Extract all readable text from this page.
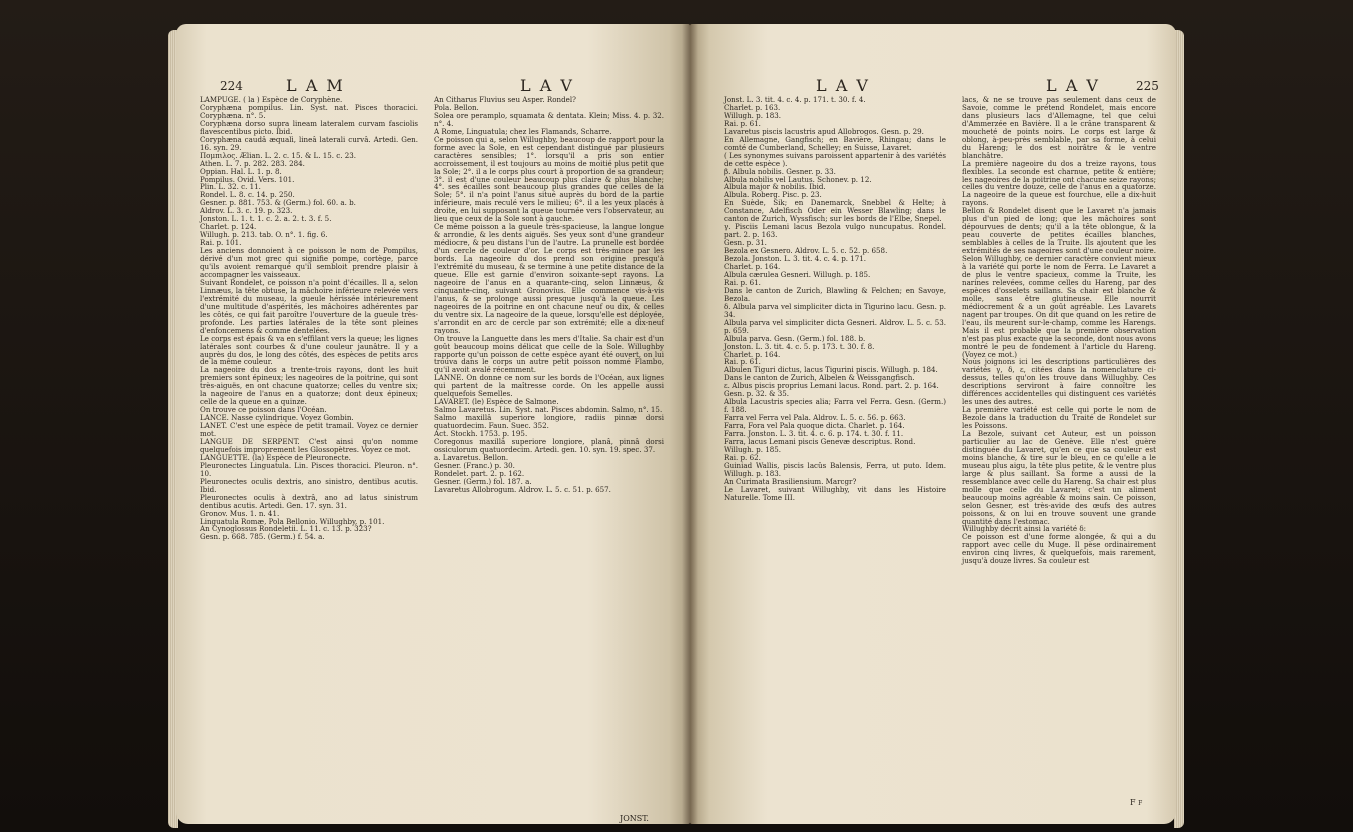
224	L A M	L A V

LAMPUGE. ( la ) Espèce de Coryphène.

Coryphæna pompilus. Lin. Syst. nat. Pisces thoracici. Coryphæna. n°. 5.

Coryphæna dorso supra lineam lateralem curvam fasciolis flavescentibus picto. Ibid.

Coryphæna caudâ æqualì, lineâ laterali curvâ. Artedi. Gen. 16. syn. 29.

Πομπιλος. Ælian. L. 2. c. 15. & L. 15. c. 23.

Athen. L. 7. p. 282. 283. 284.

Oppian. Hal. L. 1. p. 8.

Pompilus. Ovid. Vers. 101.

Plin. L. 32. c. 11.

Rondel. L. 8. c. 14. p. 250.

Gesner. p. 881. 753. & (Germ.) fol. 60. a. b.

Aldrov. L. 3. c. 19. p. 323.

Jonston. L. 1. t. 1. c. 2. a. 2. t. 3. f. 5.

Charlet. p. 124.

Willugh. p. 213. tab. O. n°. 1. fig. 6.

Rai. p. 101.

Les anciens donnoient à ce poisson le nom de Pompilus, dérivé d'un mot grec qui signifie pompe, cortège, parce qu'ils avoient remarqué qu'il sembloit prendre plaisir à accompagner les vaisseaux.

Suivant Rondelet, ce poisson n'a point d'écailles. Il a, selon Linnæus, la tête obtuse, la mâchoire inférieure relevée vers l'extrémité du museau, la gueule hérissée intérieurement d'une multitude d'aspérités, les mâchoires adhérentes par les côtés, ce qui fait paroître l'ouverture de la gueule très-profonde. Les parties latérales de la tête sont pleines d'enfoncemens & comme dentelées.

Le corps est épais & va en s'effilant vers la queue; les lignes latérales sont courbes & d'une couleur jaunâtre. Il y a auprès du dos, le long des côtés, des espèces de petits arcs de la même couleur.

La nageoire du dos a trente-trois rayons, dont les huit premiers sont épineux; les nageoires de la poitrine, qui sont très-aiguës, en ont chacune quatorze; celles du ventre six; la nageoire de l'anus en a quatorze; dont deux épineux; celle de la queue en a quinze.

On trouve ce poisson dans l'Océan.

LANCE. Nasse cylindrique. Voyez Gombin.

LANET. C'est une espèce de petit tramail. Voyez ce dernier mot.

LANGUE DE SERPENT. C'est ainsi qu'on nomme quelquefois improprement les Glossopètres. Voyez ce mot.

LANGUETTE. (la) Espèce de Pleuronecte.

Pleuronectes Linguatula. Lin. Pisces thoracici. Pleuron. n°. 10.

Pleuronectes oculis dextris, ano sinistro, dentibus acutis. Ibid.

Pleuronectes oculis à dextrâ, ano ad latus sinistrum dentibus acutis. Artedi. Gen. 17. syn. 31.

Gronov. Mus. 1. n. 41.

Linguatula Romæ, Pola Bellonio. Willughby, p. 101.

An Cynoglossus Rondeletii. L. 11. c. 13. p. 323?

Gesn. p. 668. 785. (Germ.) f. 54. a.

An Citharus Fluvius seu Asper. Rondel?

Pola. Bellon.

Solea ore peramplo, squamata & dentata. Klein; Miss. 4. p. 32. n°. 4.

A Rome, Linguatula; chez les Flamands, Scharre.

Ce poisson qui a, selon Willughby, beaucoup de rapport pour la forme avec la Sole, en est cependant distingué par plusieurs caractères sensibles; 1°. lorsqu'il a pris son entier accroissement, il est toujours au moins de moitié plus petit que la Sole; 2°. il a le corps plus court à proportion de sa grandeur; 3°. il est d'une couleur beaucoup plus claire & plus blanche; 4°. ses écailles sont beaucoup plus grandes que celles de la Sole; 5°. il n'a point l'anus situé auprès du bord de la partie inférieure, mais reculé vers le milieu; 6°. il a les yeux placés à droite, en lui supposant la queue tournée vers l'observateur, au lieu que ceux de la Sole sont à gauche.

Ce même poisson a la gueule très-spacieuse, la langue longue & arrondie, & les dents aiguës. Ses yeux sont d'une grandeur médiocre, & peu distans l'un de l'autre. La prunelle est bordée d'un cercle de couleur d'or. Le corps est très-mince par les bords. La nageoire du dos prend son origine presqu'à l'extrémité du museau, & se termine à une petite distance de la queue. Elle est garnie d'environ soixante-sept rayons. La nageoire de l'anus en a quarante-cinq, selon Linnæus, & cinquante-cinq, suivant Gronovius. Elle commence vis-à-vis l'anus, & se prolonge aussi presque jusqu'à la queue. Les nageoires de la poitrine en ont chacune neuf ou dix, & celles du ventre six. La nageoire de la queue, lorsqu'elle est déployée, s'arrondit en arc de cercle par son extrémité; elle a dix-neuf rayons.

On trouve la Languette dans les mers d'Italie. Sa chair est d'un goût beaucoup moins délicat que celle de la Sole. Willughby rapporte qu'un poisson de cette espèce ayant été ouvert, on lui trouva dans le corps un autre petit poisson nommé Flambo, qu'il avoit avalé récemment.

LANNE. On donne ce nom sur les bords de l'Océan, aux lignes qui partent de la maîtresse corde. On les appelle aussi quelquefois Semelles.

LAVARET. (le) Espèce de Salmone.

Salmo Lavaretus. Lin. Syst. nat. Pisces abdomin. Salmo, n°. 15.

Salmo maxillâ superiore longiore, radiis pinnæ dorsi quatuordecim. Faun. Suec. 352.

Act. Stockh. 1753. p. 195.

Coregonus maxillâ superiore longiore, planâ, pinnâ dorsi ossiculorum quatuordecim. Artedi. gen. 10. syn. 19. spec. 37.

a. Lavaretus. Bellon.

Gesner. (Franc.) p. 30.

Rondelet. part. 2. p. 162.

Gesner. (Germ.) fol. 187. a.

Lavaretus Allobrogum. Aldrov. L. 5. c. 51. p. 657.

JONST.
L A V	L A V	225

Jonst. L. 3. tit. 4. c. 4. p. 171. t. 30. f. 4.

Charlet. p. 163.

Willugh. p. 183.

Rai. p. 61.

Lavaretus piscis lacustris apud Allobrogos. Gesn. p. 29.

En Allemagne, Gangfisch; en Bavière, Rhingau; dans le comté de Cumberland, Schelley; en Suisse, Lavaret.

( Les synonymes suivans paroissent appartenir à des variétés de cette espèce ).

β. Albula nobilis. Gesner. p. 33.

Albula nobilis vel Lautus. Schonev. p. 12.

Albula major & nobilis. Ibid.

Albula. Roberg. Pisc. p. 23.

En Suède, Sik; en Danemarck, Snebbel & Helte; à Constance, Adelfisch Oder ein Wesser Blawling; dans le canton de Zurich, Wyssfisch; sur les bords de l'Elbe, Snepel.

γ. Pisciis Lemani lacus Bezola vulgo nuncupatus. Rondel. part. 2. p. 163.

Gesn. p. 31.

Bezola ex Gesnero. Aldrov. L. 5. c. 52. p. 658.

Bezola. Jonston. L. 3. tit. 4. c. 4. p. 171.

Charlet. p. 164.

Albula cærulea Gesneri. Willugh. p. 185.

Rai. p. 61.

Dans le canton de Zurich, Blawling & Felchen; en Savoye, Bezola.

δ. Albula parva vel simpliciter dicta in Tigurino lacu. Gesn. p. 34.

Albula parva vel simpliciter dicta Gesneri. Aldrov. L. 5. c. 53. p. 659.

Albula parva. Gesn. (Germ.) fol. 188. b.

Jonston. L. 3. tit. 4. c. 5. p. 173. t. 30. f. 8.

Charlet. p. 164.

Rai. p. 61.

Albulen Tiguri dictus, lacus Tigurini piscis. Willugh. p. 184.

Dans le canton de Zurich, Albelen & Weissgangfisch.

ε. Albus piscis proprius Lemani lacus. Rond. part. 2. p. 164.

Gesn. p. 32. & 35.

Albula Lacustris species alia; Farra vel Ferra. Gesn. (Germ.) f. 188.

Farra vel Ferra vel Pala. Aldrov. L. 5. c. 56. p. 663.

Farra, Fora vel Pala quoque dicta. Charlet. p. 164.

Farra. Jonston. L. 3. tit. 4. c. 6. p. 174. t. 30. f. 11.

Farra, lacus Lemani piscis Genevæ descriptus. Rond.

Willugh. p. 185.

Rai. p. 62.

Guiniad Wallis, piscis lacûs Balensis, Ferra, ut puto. Idem. Willugh. p. 183.

An Curimata Brasiliensium. Marcgr?

Le Lavaret, suivant Willughby, vit dans les Histoire Naturelle. Tome III.

lacs, & ne se trouve pas seulement dans ceux de Savoie, comme le prétend Rondelet, mais encore dans plusieurs lacs d'Allemagne, tel que celui d'Ammerzée en Bavière. Il a le crâne transparent & moucheté de points noirs. Le corps est large & oblong, à-peu-près semblable, par sa forme, à celui du Hareng; le dos est noirâtre & le ventre blanchâtre.

La première nageoire du dos a treize rayons, tous flexibles. La seconde est charnue, petite & entière; les nageoires de la poitrine ont chacune seize rayons; celles du ventre douze, celle de l'anus en a quatorze. La nageoire de la queue est fourchue, elle a dix-huit rayons.

Bellon & Rondelet disent que le Lavaret n'a jamais plus d'un pied de long; que les mâchoires sont dépourvues de dents; qu'il a la tête oblongue, & la peau couverte de petites écailles blanches, semblables à celles de la Truite. Ils ajoutent que les extrémités de ses nageoires sont d'une couleur noire. Selon Willughby, ce dernier caractère convient mieux à la variété qui porte le nom de Ferra. Le Lavaret a de plus le ventre spacieux, comme la Truite, les narines relevées, comme celles du Hareng, par des espèces d'osselets saillans. Sa chair est blanche & molle, sans être glutineuse. Elle nourrit médiocrement & a un goût agréable. Les Lavarets nagent par troupes. On dit que quand on les retire de l'eau, ils meurent sur-le-champ, comme les Harengs. Mais il est probable que la première observation n'est pas plus exacte que la seconde, dont nous avons montré le peu de fondement à l'article du Hareng. (Voyez ce mot.)

Nous joignons ici les descriptions particulières des variétés γ, δ, ε, citées dans la nomenclature ci-dessus, telles qu'on les trouve dans Willughby. Ces descriptions serviront à faire connoître les différences accidentelles qui distinguent ces variétés les unes des autres.

La première variété est celle qui porte le nom de Bezole dans la traduction du Traité de Rondelet sur les Poissons.

La Bezole, suivant cet Auteur, est un poisson particulier au lac de Genève. Elle n'est guère distinguée du Lavaret, qu'en ce que sa couleur est moins blanche, & tire sur le bleu, en ce qu'elle a le museau plus aigu, la tête plus petite, & le ventre plus large & plus saillant. Sa forme a aussi de la ressemblance avec celle du Hareng. Sa chair est plus molle que celle du Lavaret; c'est un aliment beaucoup moins agréable & moins sain. Ce poisson, selon Gesner, est très-avide des œufs des autres poissons, & on lui en trouve souvent une grande quantité dans l'estomac.

Willughby décrit ainsi la variété δ:

Ce poisson est d'une forme alongée, & qui a du rapport avec celle du Muge. Il pèse ordinairement environ cinq livres, & quelquefois, mais rarement, jusqu'à douze livres. Sa couleur est

F f
